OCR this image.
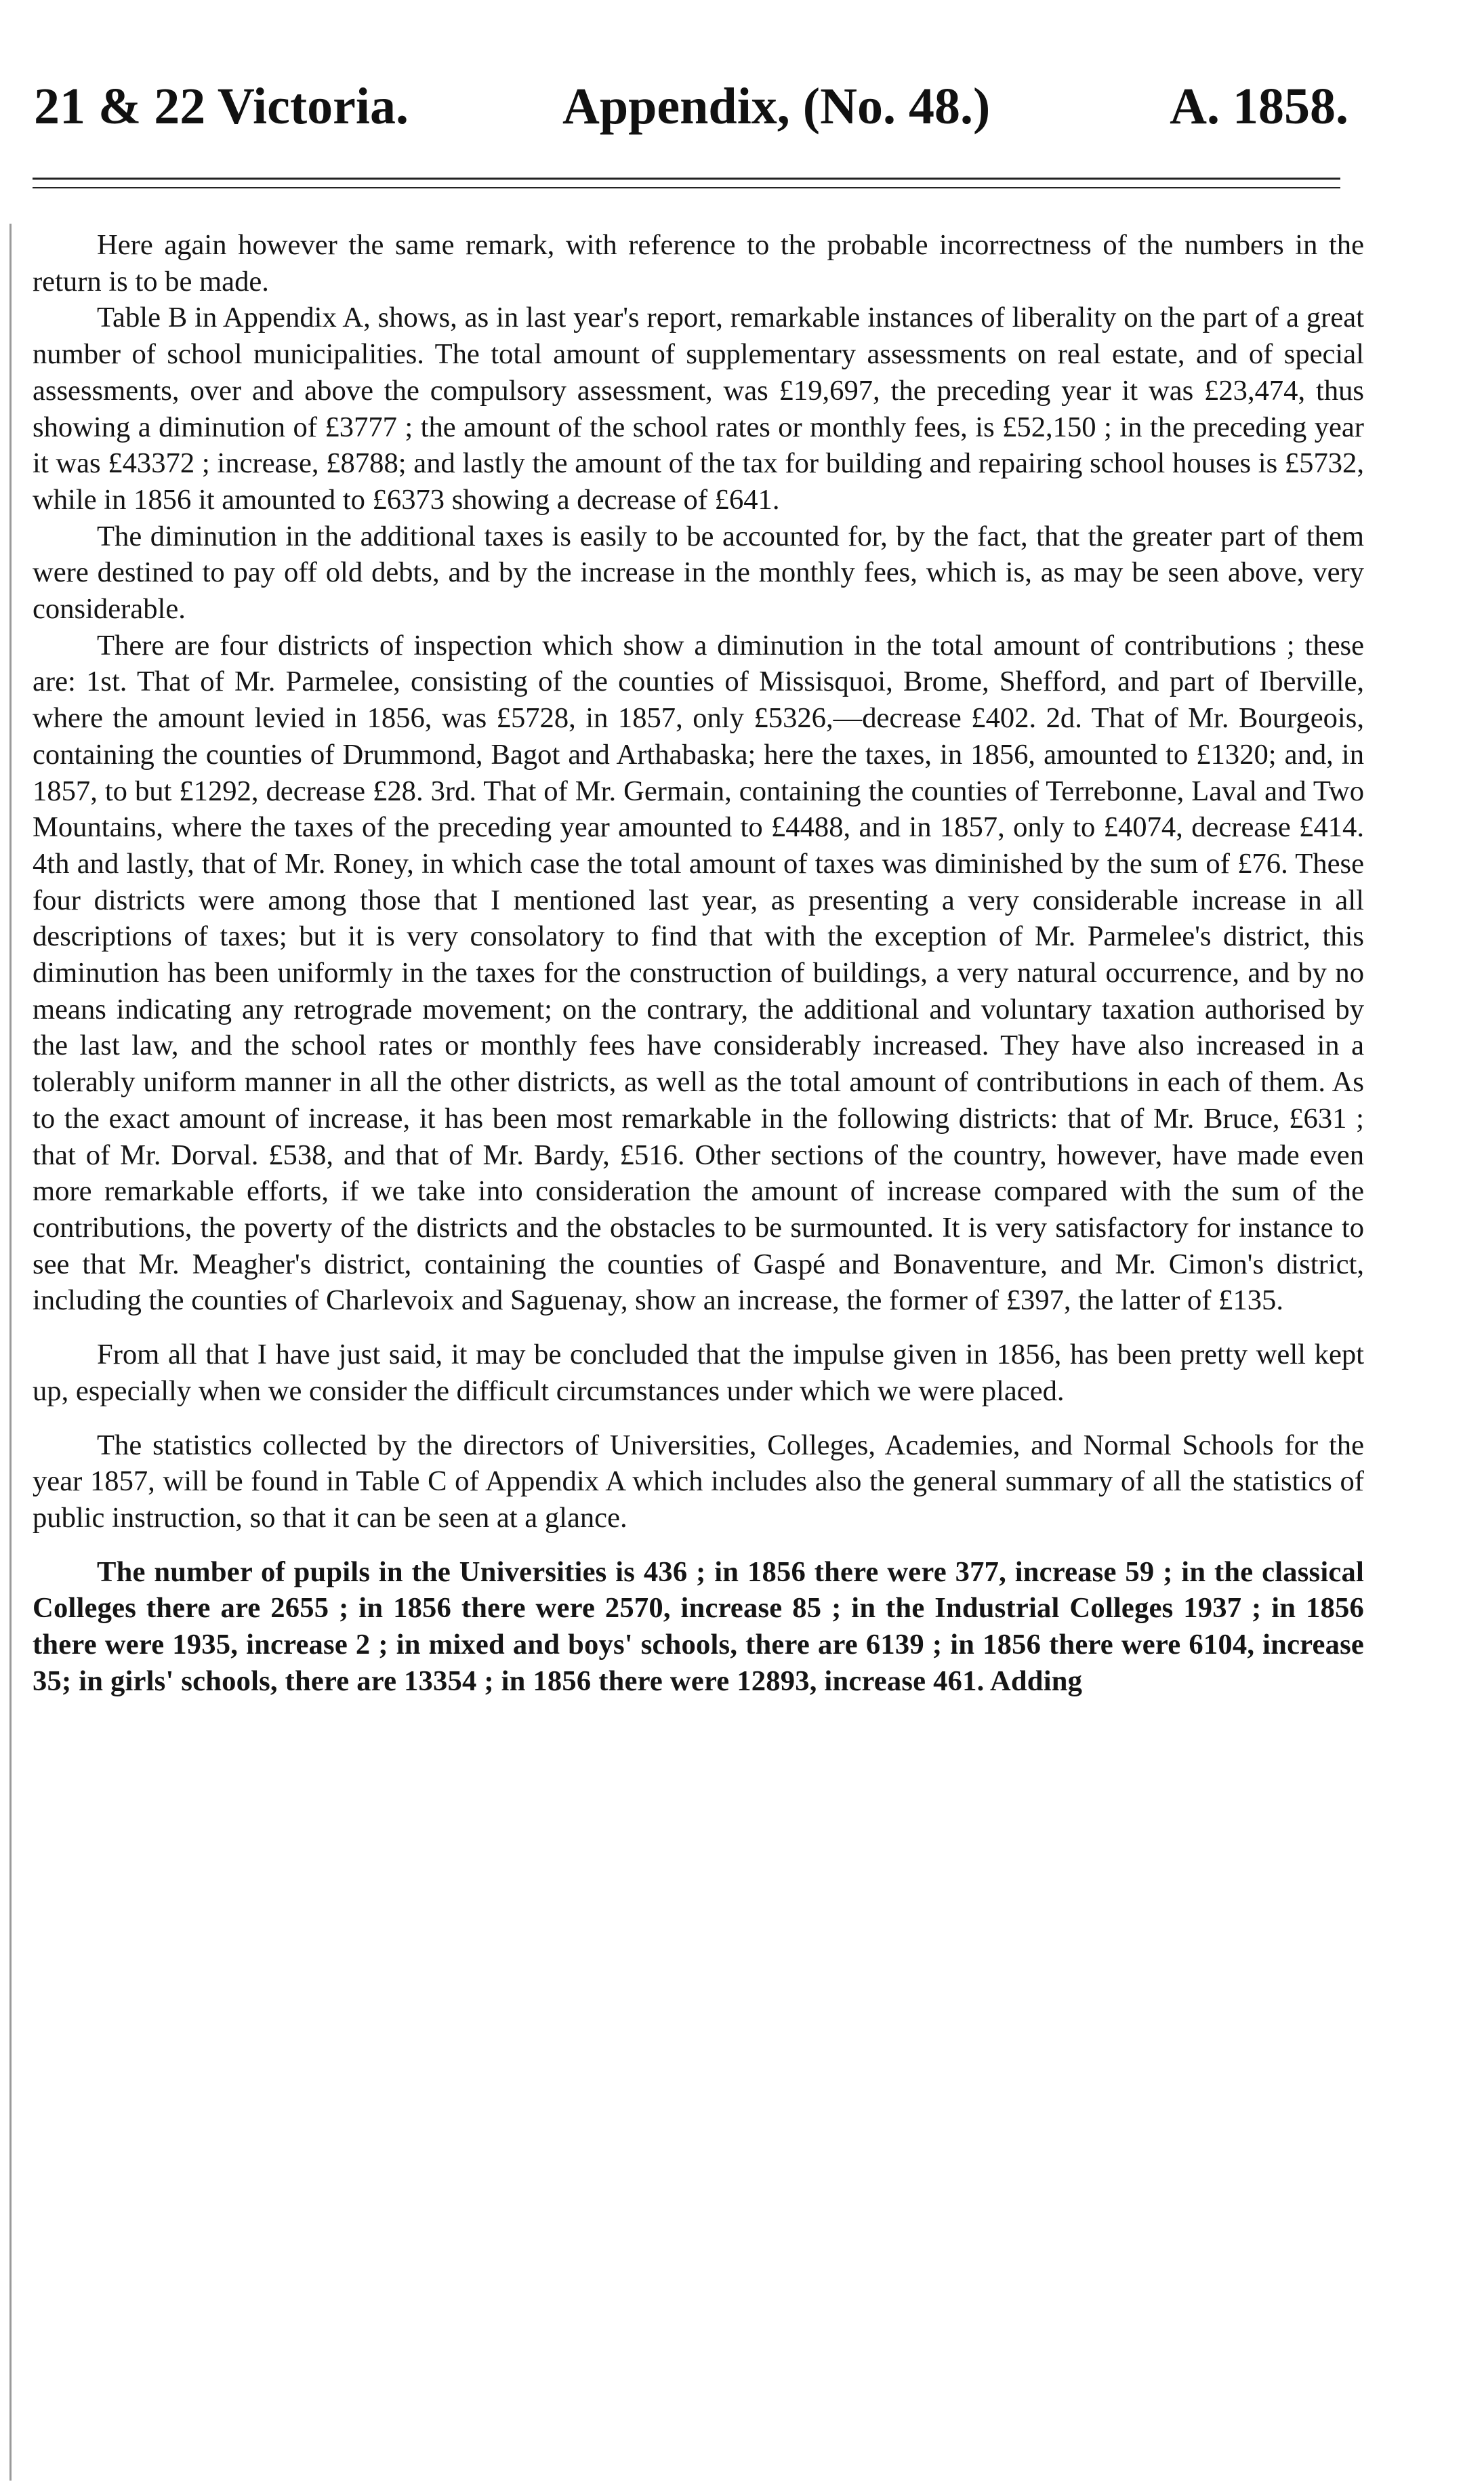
21 & 22 Victoria.	Appendix, (No. 48.)	A. 1858.

Here again however the same remark, with reference to the probable incorrectness of the numbers in the return is to be made.

Table B in Appendix A, shows, as in last year's report, remarkable instances of liberality on the part of a great number of school municipalities. The total amount of supplementary assessments on real estate, and of special assessments, over and above the compulsory assessment, was £19,697, the preceding year it was £23,474, thus showing a diminution of £3777 ; the amount of the school rates or monthly fees, is £52,150 ; in the preceding year it was £43372 ; increase, £8788; and lastly the amount of the tax for building and repairing school houses is £5732, while in 1856 it amounted to £6373 showing a decrease of £641.

The diminution in the additional taxes is easily to be accounted for, by the fact, that the greater part of them were destined to pay off old debts, and by the increase in the monthly fees, which is, as may be seen above, very considerable.

There are four districts of inspection which show a diminution in the total amount of contributions ; these are: 1st. That of Mr. Parmelee, consisting of the counties of Missisquoi, Brome, Shefford, and part of Iberville, where the amount levied in 1856, was £5728, in 1857, only £5326,—decrease £402. 2d. That of Mr. Bourgeois, containing the counties of Drummond, Bagot and Arthabaska; here the taxes, in 1856, amounted to £1320; and, in 1857, to but £1292, decrease £28. 3rd. That of Mr. Germain, containing the counties of Terrebonne, Laval and Two Mountains, where the taxes of the preceding year amounted to £4488, and in 1857, only to £4074, decrease £414. 4th and lastly, that of Mr. Roney, in which case the total amount of taxes was diminished by the sum of £76. These four districts were among those that I mentioned last year, as presenting a very considerable increase in all descriptions of taxes; but it is very consolatory to find that with the exception of Mr. Parmelee's district, this diminution has been uniformly in the taxes for the construction of buildings, a very natural occurrence, and by no means indicating any retrograde movement; on the contrary, the additional and voluntary taxation authorised by the last law, and the school rates or monthly fees have considerably increased. They have also increased in a tolerably uniform manner in all the other districts, as well as the total amount of contributions in each of them. As to the exact amount of increase, it has been most remarkable in the following districts: that of Mr. Bruce, £631 ; that of Mr. Dorval. £538, and that of Mr. Bardy, £516. Other sections of the country, however, have made even more remarkable efforts, if we take into consideration the amount of increase compared with the sum of the contributions, the poverty of the districts and the obstacles to be surmounted. It is very satisfactory for instance to see that Mr. Meagher's district, containing the counties of Gaspé and Bonaventure, and Mr. Cimon's district, including the counties of Charlevoix and Saguenay, show an increase, the former of £397, the latter of £135.

From all that I have just said, it may be concluded that the impulse given in 1856, has been pretty well kept up, especially when we consider the difficult circumstances under which we were placed.

The statistics collected by the directors of Universities, Colleges, Academies, and Normal Schools for the year 1857, will be found in Table C of Appendix A which includes also the general summary of all the statistics of public instruction, so that it can be seen at a glance.

The number of pupils in the Universities is 436 ; in 1856 there were 377, increase 59 ; in the classical Colleges there are 2655 ; in 1856 there were 2570, increase 85 ; in the Industrial Colleges 1937 ; in 1856 there were 1935, increase 2 ; in mixed and boys' schools, there are 6139 ; in 1856 there were 6104, increase 35; in girls' schools, there are 13354 ; in 1856 there were 12893, increase 461. Adding
